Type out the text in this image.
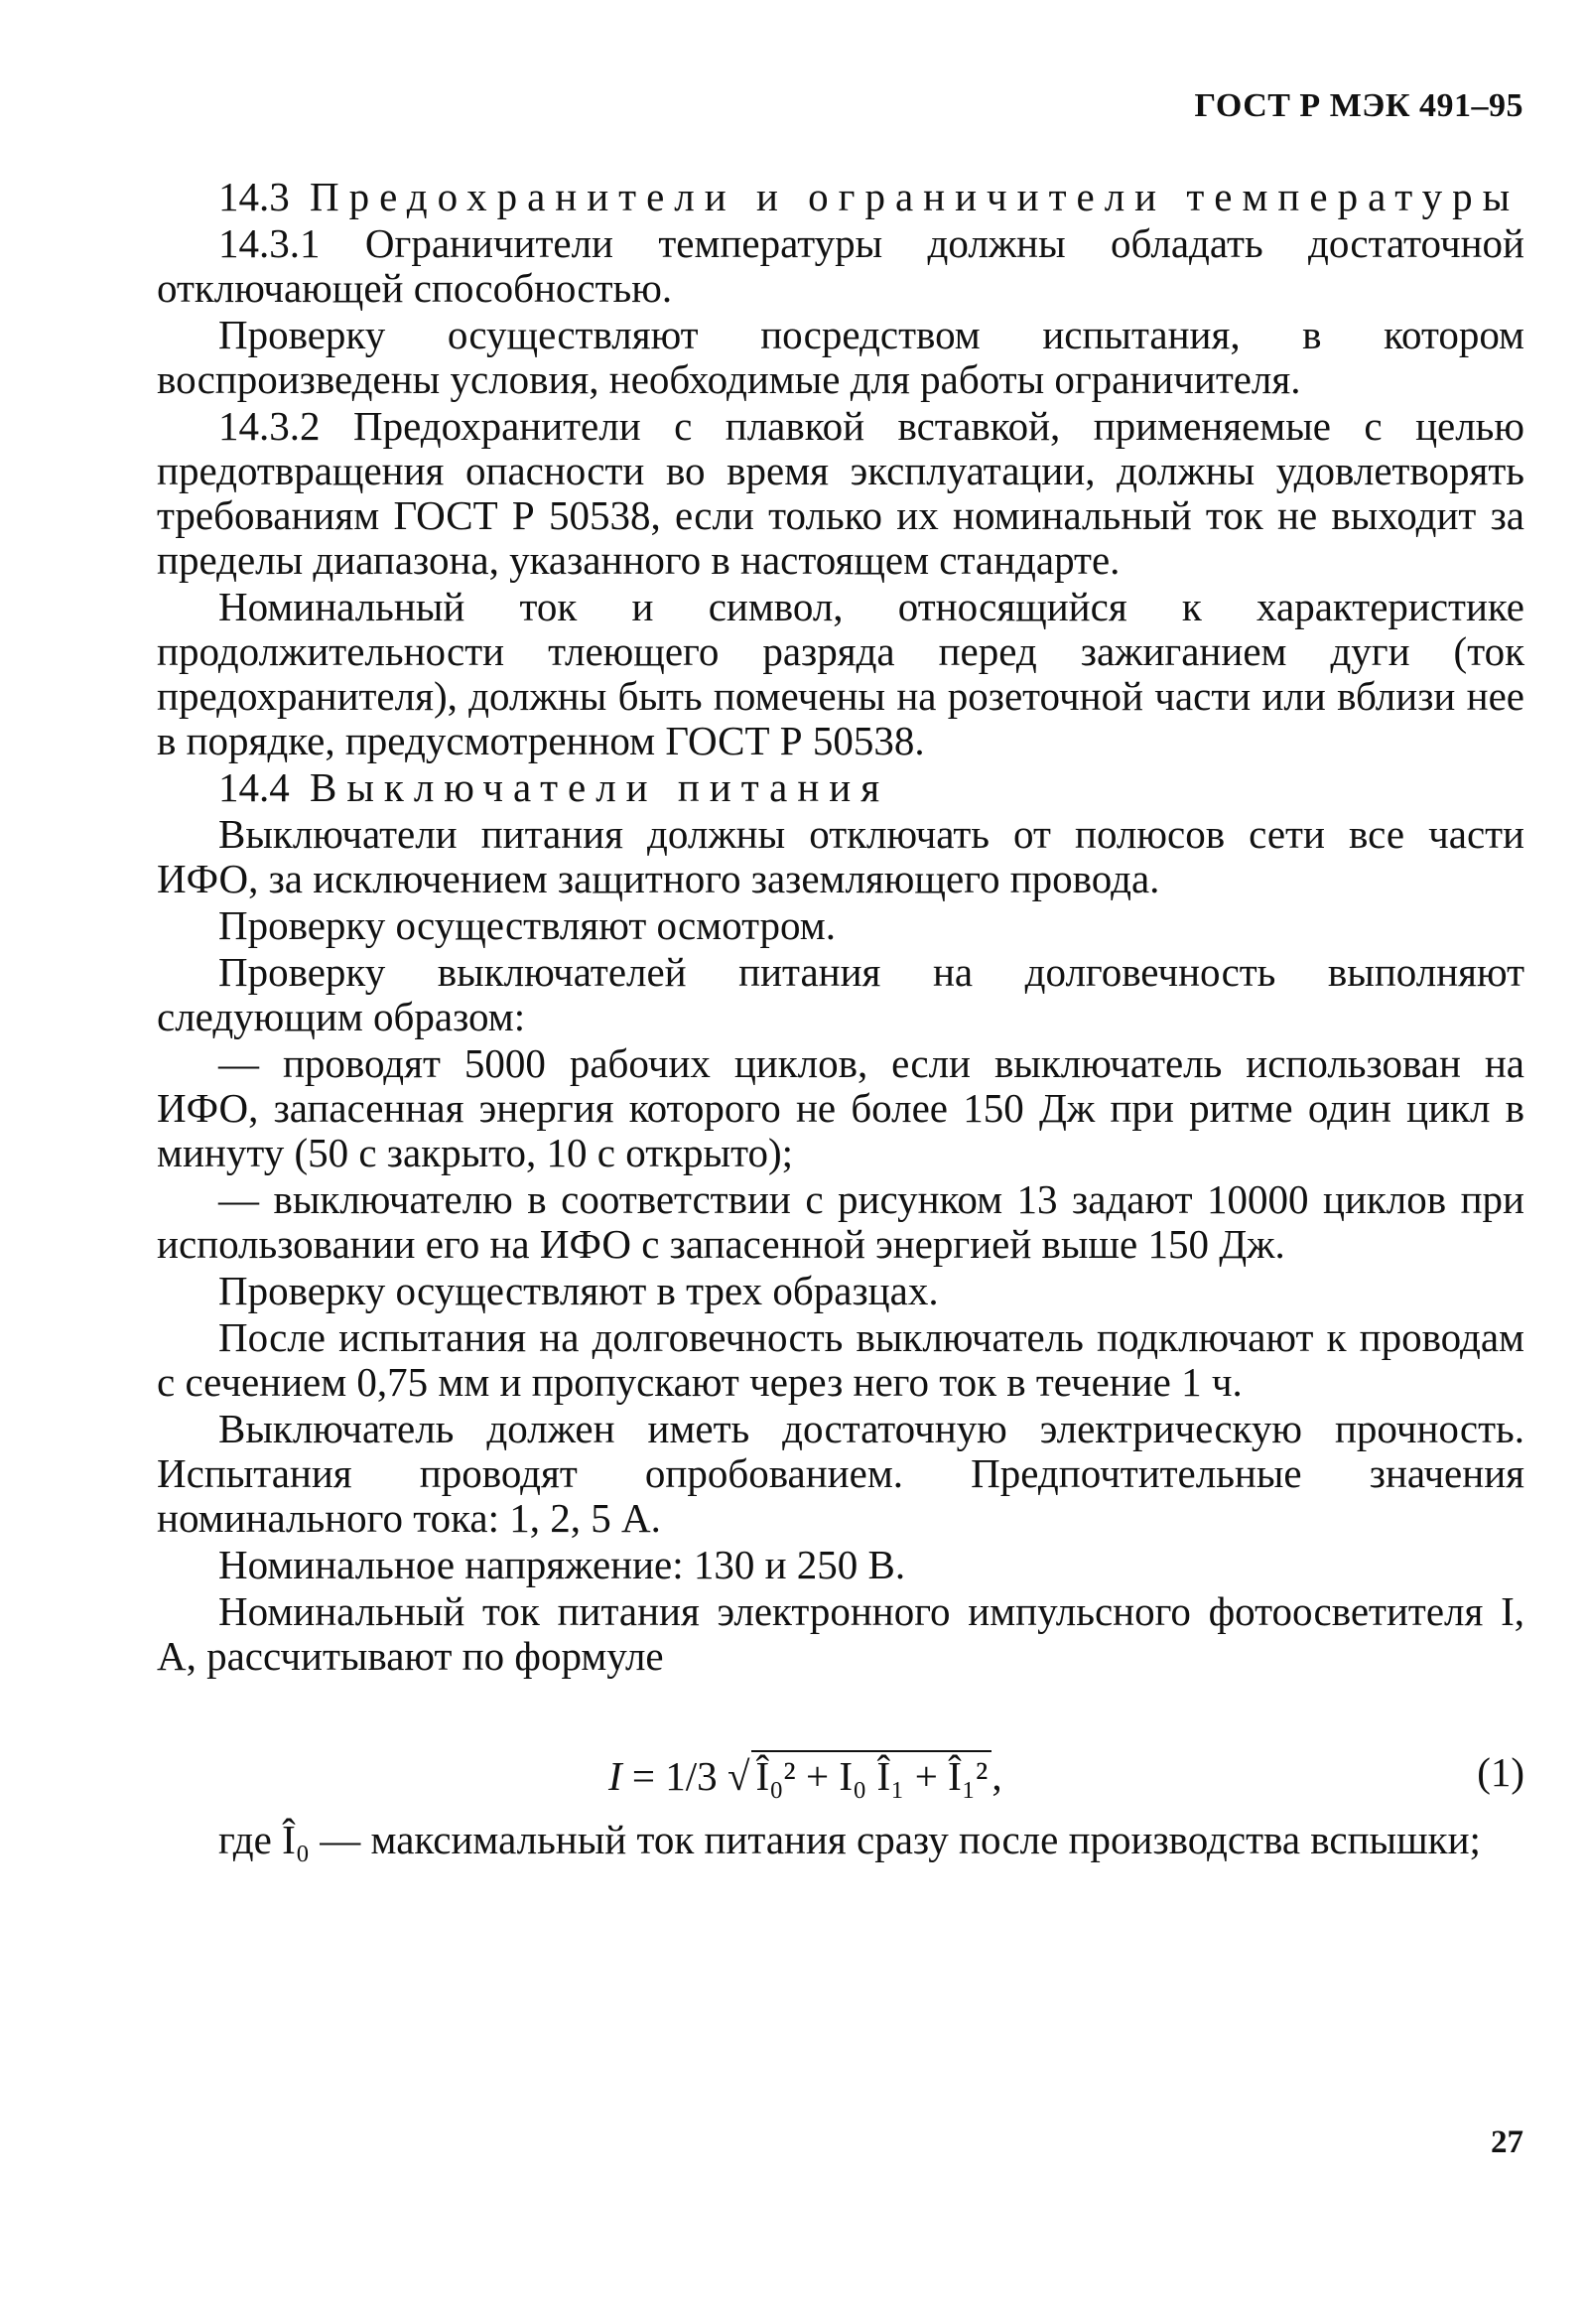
ГОСТ Р МЭК 491–95

14.3 Предохранители и ограничители температуры

14.3.1 Ограничители температуры должны обладать достаточной отключающей способностью.

Проверку осуществляют посредством испытания, в котором воспроизведены условия, необходимые для работы ограничителя.

14.3.2 Предохранители с плавкой вставкой, применяемые с целью предотвращения опасности во время эксплуатации, должны удовлетворять требованиям ГОСТ Р 50538, если только их номинальный ток не выходит за пределы диапазона, указанного в настоящем стандарте.

Номинальный ток и символ, относящийся к характеристике продолжительности тлеющего разряда перед зажиганием дуги (ток предохранителя), должны быть помечены на розеточной части или вблизи нее в порядке, предусмотренном ГОСТ Р 50538.

14.4 Выключатели питания

Выключатели питания должны отключать от полюсов сети все части ИФО, за исключением защитного заземляющего провода.

Проверку осуществляют осмотром.

Проверку выключателей питания на долговечность выполняют следующим образом:

— проводят 5000 рабочих циклов, если выключатель использован на ИФО, запасенная энергия которого не более 150 Дж при ритме один цикл в минуту (50 с закрыто, 10 с открыто);

— выключателю в соответствии с рисунком 13 задают 10000 циклов при использовании его на ИФО с запасенной энергией выше 150 Дж.

Проверку осуществляют в трех образцах.

После испытания на долговечность выключатель подключают к проводам с сечением 0,75 мм и пропускают через него ток в течение 1 ч.

Выключатель должен иметь достаточную электрическую прочность. Испытания проводят опробованием. Предпочтительные значения номинального тока: 1, 2, 5 А.

Номинальное напряжение: 130 и 250 В.

Номинальный ток питания электронного импульсного фотоосветителя I, А, рассчитывают по формуле

I = 1/3 √ Î₀² + I₀ Î₁ + Î₁²,	(1)

где Î₀ — максимальный ток питания сразу после производства вспышки;

27
